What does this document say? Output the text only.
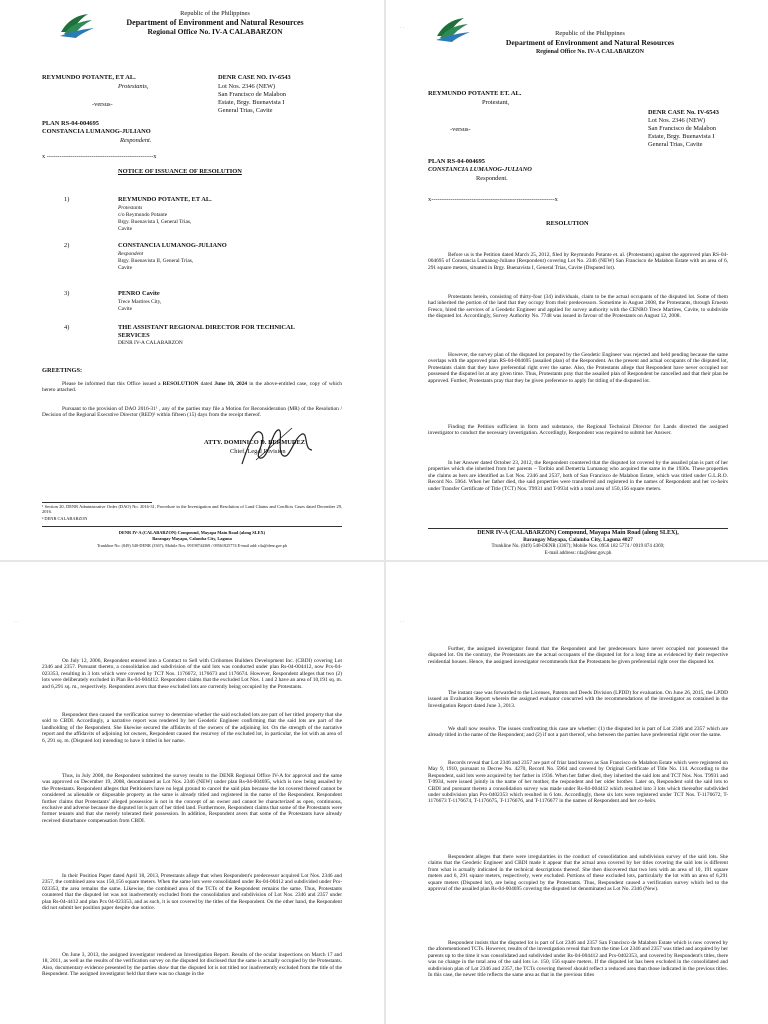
Republic of the Philippines
Department of Environment and Natural Resources
Regional Office No. IV-A CALABARZON
REYMUNDO POTANTE, ET AL.
Protestants,
-versus-
PLAN RS-04-004695
CONSTANCIA LUMANOG-JULIANO
Respondent.
DENR CASE NO. IV-6543
Lot Nos. 2346 (NEW)
San Francisco de Malabon
Estate, Brgy. Buenavista I
General Trias, Cavite
x --------------------------------------------------x
NOTICE OF ISSUANCE OF RESOLUTION
1)	REYMUNDO POTANTE, ET AL.
Protestants
c/o Reymundo Potante
Brgy. Buenavista I, General Trias,
Cavite
2)	CONSTANCIA LUMANOG-JULIANO
Respondent
Brgy. Buenavista II, General Trias,
Cavite
3)	PENRO Cavite
Trece Martires City,
Cavite
4)	THE ASSISTANT REGIONAL DIRECTOR FOR TECHNICAL
SERVICES
DENR IV-A CALABARZON
GREETINGS:

Please be informed that this Office issued a RESOLUTION dated June 10, 2024 in the above-entitled case, copy of which hereto attached.

Pursuant to the provision of DAO 2016-31¹ , any of the parties may file a Motion for Reconsideration (MR) of the Resolution / Decision of the Regional Executive Director (RED)² within fifteen (15) days from the receipt thereof.

ATTY. DOMINICO D. BERMUDEZ
Chief, Legal Division

¹ Section 20, DENR Administrative Order (DAO) No. 2016-31, Procedure in the Investigation and Resolution of Land Claims and Conflicts Cases dated December 29, 2016.

² DENR CALABARZON

DENR IV-A (CALABARZON) Compound, Mayapa Main Road (along SLEX)
Barangay Mayapa, Calamba City, Laguna
Trunkline No. (049) 540-DENR (3367); Mobile Nos. 09198744369 / 09561825774 E-mail add: r4a@denr.gov.ph
· ·
Republic of the Philippines
Department of Environment and Natural Resources
Regional Office No. IV-A CALABARZON
REYMUNDO POTANTE ET. AL.
Protestant,
DENR CASE No. IV-6543
Lot Nos. 2346 (NEW)
San Francisco de Malabon
Estate, Brgy. Buenavista I
General Trias, Cavite
-versus-
PLAN RS-04-004695
CONSTANCIA LUMANOG-JULIANO
Respondent.
x----------------------------------------------------------x
RESOLUTION

Before us is the Petition dated March 25, 2012, filed by Reymundo Potante et. al. (Protestants) against the approved plan RS-04-004695 of Constancia Lumanog-Juliano (Respondent) covering Lot No. 2346 (NEW) San Francisco de Malabon Estate with an area of 6, 291 square meters, situated in Brgy. Buenavista I, General Trias, Cavite (Disputed lot).

Protestants herein, consisting of thirty-four (34) individuals, claim to be the actual occupants of the disputed lot. Some of them had inherited the portion of the land that they occupy from their predecessors. Sometime in August 2008, the Protestants, through Ernesto Fresco, hired the services of a Geodetic Engineer and applied for survey authority with the CENRO Trece Martires, Cavite, to subdivide the disputed lot. Accordingly, Survey Authority No. 7748 was issued in favour of the Protestants on August 12, 2008.

However, the survey plan of the disputed lot prepared by the Geodetic Engineer was rejected and held pending because the same overlaps with the approved plan RS-04-004695 (assailed plan) of the Respondent. As the present and actual occupants of the disputed lot, Protestants claim that they have preferential right over the same. Also, the Protestants allege that Respondent have never occupied nor possessed the disputed lot at any given time. Thus, Protestants pray that the assailed plan of Respondent be cancelled and that their plan be approved. Further, Protestants pray that they be given preference to apply for titling of the disputed lot.

Finding the Petition sufficient in form and substance, the Regional Technical Director for Lands directed the assigned investigator to conduct the necessary investigation. Accordingly, Respondent was required to submit her Answer.

In her Answer dated October 23, 2012, the Respondent countered that the disputed lot covered by the assailed plan is part of her properties which she inherited from her parents – Toribio and Demetria Lumanog who acquired the same in the 1930s. These properties she claims as hers are identified as Lot Nos. 2346 and 2537, both of San Francisco de Malabon Estate, which was titled under G.L.R.O. Record No. 5964. When her father died, the said properties were transferred and registered in the names of Respondent and her co-heirs under Transfer Certificate of Title (TCT) Nos. T9931 and T-9934 with a total area of 150,156 square meters.

DENR IV-A (CALABARZON) Compound, Mayapa Main Road (along SLEX),
Barangay Mayapa, Calamba City, Laguna 4027
Trunkline No. (049) 540-DENR (3367); Mobile Nos. 0956 182 5774 / 0919 874 4369;
E-mail address: r4a@denr.gov.ph
· ·

On July 12, 2006, Respondent entered into a Contract to Sell with Cirihomes Builders Development Inc. (CBDI) covering Lot 2346 and 2357. Pursuant thereto, a consolidation and subdivision of the said lots was conducted under plan Rs-04-004412, now Pcs-04-023353, resulting in 3 lots which were covered by TCT Nos. 1176672, 1176673 and 1176674. However, Respondent alleges that two (2) lots were deliberately excluded in Plan Rs-04-004412. Respondent claims that the excluded Lot Nos. 1 and 2 have an area of 10,191 sq. m. and 6,291 sq. m., respectively. Respondent avers that these excluded lots are currently being occupied by the Protestants.

Respondent then caused the verification survey to determine whether the said excluded lots are part of her titled property that she sold to CBDI. Accordingly, a narrative report was rendered by her Geodetic Engineer confirming that the said lots are part of the landholding of the Respondent. She likewise secured the affidavits of the owners of the adjoining lot. On the strength of the narrative report and the affidavits of adjoining lot owners, Respondent caused the resurvey of the excluded lot, in particular, the lot with an area of 6, 291 sq. m. (Disputed lot) intending to have it titled in her name.

Thus, in July 2008, the Respondent submitted the survey results to the DENR Regional Office IV-A for approval and the same was approved on December 19, 2008, denominated as Lot Nos. 2346 (NEW) under plan Rs-04-004695, which is now being assailed by the Protestants. Respondent alleges that Petitioners have no legal ground to cancel the said plan because the lot covered thereof cannot be considered as alienable or disposable property as the same is already titled and registered in the name of the Respondent. Respondent further claims that Protestants' alleged possession is not in the concept of an owner and cannot be characterized as open, continuous, exclusive and adverse because the disputed lot is part of her titled land. Furthermore, Respondent claims that some of the Protestants were former tenants and that she merely tolerated their possession. In addition, Respondent avers that some of the Protestants have already received disturbance compensation from CBDI.

In their Position Paper dated April 18, 2013, Protestants allege that when Respondent's predecessor acquired Lot Nos. 2346 and 2357, the combined area was 150,156 square meters. When the same lots were consolidated under Rs-04-00412 and subdivided under Pcs-023353, the area remains the same. Likewise, the combined area of the TCTs of the Respondent remains the same. Thus, Protestants countered that the disputed lot was not inadvertently excluded from the consolidation and subdivision of Lot Nos. 2346 and 2357 under plan Rs-04-4412 and plan Pcs 04-023353, and as such, it is not covered by the titles of the Respondent. On the other hand, the Respondent did not submit her position paper despite due notice.

On June 3, 2013, the assigned investigator rendered an Investigation Report. Results of the ocular inspections on March 17 and 18, 2011, as well as the results of the verification survey on the disputed lot disclosed that the same is actually occupied by the Protestants. Also, documentary evidence presented by the parties show that the disputed lot is not titled nor inadvertently excluded from the title of the Respondent. The assigned investigator held that there was no change in the

· ·

Further, the assigned investigator found that the Respondent and her predecessors have never occupied nor possessed the disputed lot. On the contrary, the Protestants are the actual occupants of the disputed lot for a long time as evidenced by their respective residential houses. Hence, the assigned investigator recommends that the Protestants be given preferential right over the disputed lot.

The instant case was forwarded to the Licenses, Patents and Deeds Division (LPDD) for evaluation. On June 26, 2015, the LPDD issued an Evaluation Report wherein the assigned evaluator concurred with the recommendations of the investigator as contained in the Investigation Report dated June 3, 2013.

We shall now resolve. The issues confronting this case are whether: (1) the disputed lot is part of Lot 2346 and 2357 which are already titled in the name of the Respondent; and (2) if not a part thereof, who between the parties have preferential right over the same.

Records reveal that Lot 2346 and 2357 are part of friar land known as San Francisco de Malabon Estate which were registered on May 9, 1910, pursuant to Decree No. 4270, Record No. 5964 and covered by Original Certificate of Title No. 114. According to the Respondent, said lots were acquired by her father in 1936. When her father died, they inherited the said lots and TCT Nos. Nos. T9931 and T-9934, were issued jointly in the name of her mother, the respondent and her older brother. Later on, Respondent sold the said lots to CBDI and pursuant thereto a consolidation survey was made under Rs-04-004412 which resulted into 3 lots which thereafter subdivided under subdivision plan Pcs-0402353 which resulted in 6 lots. Accordingly, these six lots were registered under TCT Nos. T-1176672, T-1176673 T-1176674, T-1176675, T-1176676, and T-1176677 in the names of Respondent and her co-heirs.

Respondent alleges that there were irregularities in the conduct of consolidation and subdivision survey of the said lots. She claims that the Geodetic Engineer and CBDI made it appear that the actual area covered by her titles covering the said lots is different from what is actually indicated in the technical descriptions thereof. She then discovered that two lots with an area of 10, 191 square meters and 6, 291 square meters, respectively, were excluded. Portions of these excluded lots, particularly the lot with an area of 6,291 square meters (Disputed lot), are being occupied by the Protestants. Thus, Respondent caused a verification survey which led to the approval of the assailed plan Rs-04-004695 covering the disputed lot denominated as Lot No. 2346 (New).

Respondent insists that the disputed lot is part of Lot 2346 and 2357 San Francisco de Malabon Estate which is now covered by the aforementioned TCTs. However, results of the investigation reveal that from the time Lot 2346 and 2357 was titled and acquired by her parents up to the time it was consolidated and subdivided under Rs-04-004412 and Pcs-0402353, and covered by Respondent's titles, there was no change in the total area of the said lots i.e. 150, 156 square meters. If the disputed lot has been excluded in the consolidated and subdivision plan of Lot 2346 and 2357, the TCTs covering thereof should reflect a reduced area than those indicated in the previous titles. In this case, the newer title reflects the same area as that in the previous titles
